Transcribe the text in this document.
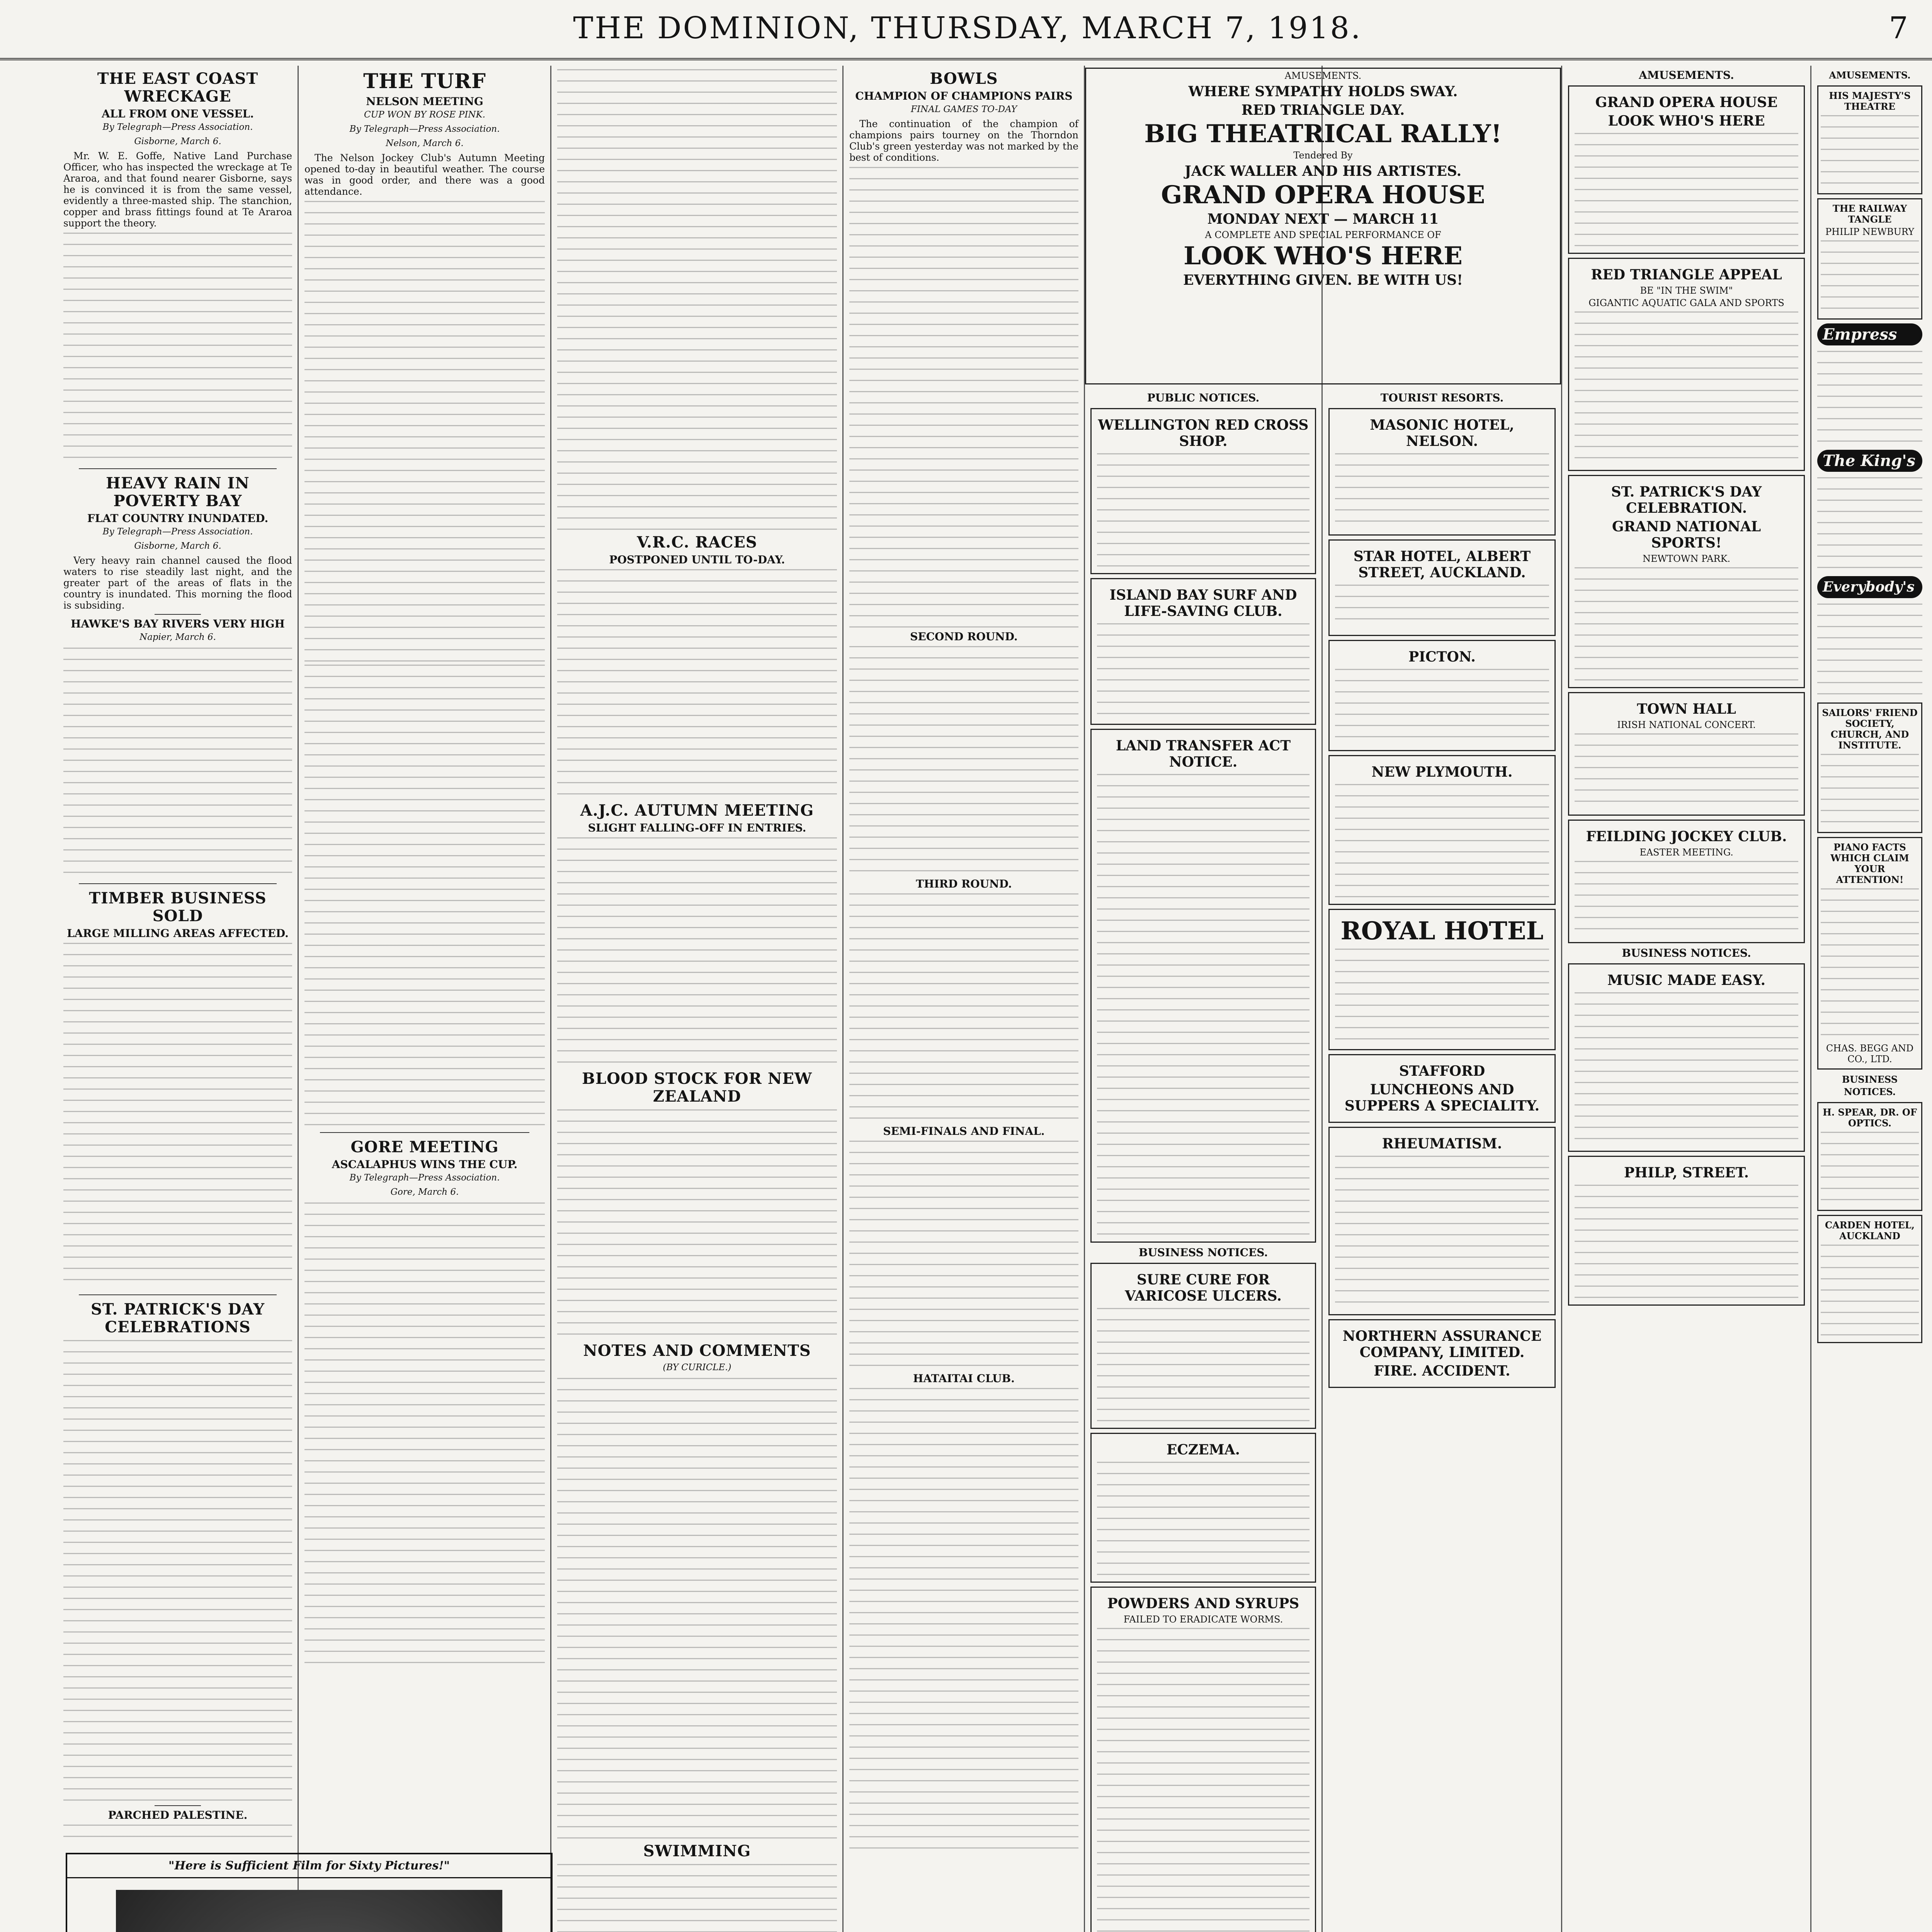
THE DOMINION, THURSDAY, MARCH 7, 1918.	7
THE EAST COAST WRECKAGE
ALL FROM ONE VESSEL.
By Telegraph—Press Association.
Gisborne, March 6.

Mr. W. E. Goffe, Native Land Purchase Officer, who has inspected the wreckage at Te Araroa, and that found nearer Gisborne, says he is convinced it is from the same vessel, evidently a three-masted ship. The stanchion, copper and brass fittings found at Te Araroa support the theory.

HEAVY RAIN IN POVERTY BAY
FLAT COUNTRY INUNDATED.
By Telegraph—Press Association.
Gisborne, March 6.

Very heavy rain channel caused the flood waters to rise steadily last night, and the greater part of the areas of flats in the country is inundated. This morning the flood is subsiding.

HAWKE'S BAY RIVERS VERY HIGH
Napier, March 6.
TIMBER BUSINESS SOLD
LARGE MILLING AREAS AFFECTED.
ST. PATRICK'S DAY CELEBRATIONS
PARCHED PALESTINE.
THE TURF
NELSON MEETING
CUP WON BY ROSE PINK.
By Telegraph—Press Association.
Nelson, March 6.

The Nelson Jockey Club's Autumn Meeting opened to-day in beautiful weather. The course was in good order, and there was a good attendance.

GORE MEETING
ASCALAPHUS WINS THE CUP.
By Telegraph—Press Association.
Gore, March 6.
V.R.C. RACES
POSTPONED UNTIL TO-DAY.
A.J.C. AUTUMN MEETING
SLIGHT FALLING-OFF IN ENTRIES.
BLOOD STOCK FOR NEW ZEALAND
NOTES AND COMMENTS
(BY CURICLE.)
SWIMMING
BOWLS
CHAMPION OF CHAMPIONS PAIRS
FINAL GAMES TO-DAY

The continuation of the champion of champions pairs tourney on the Thorndon Club's green yesterday was not marked by the best of conditions.

SECOND ROUND.
THIRD ROUND.
SEMI-FINALS AND FINAL.
HATAITAI CLUB.
AMUSEMENTS.
WHERE SYMPATHY HOLDS SWAY.
RED TRIANGLE DAY.
BIG THEATRICAL RALLY!
Tendered By
JACK WALLER AND HIS ARTISTES.
GRAND OPERA HOUSE
MONDAY NEXT — MARCH 11
A COMPLETE AND SPECIAL PERFORMANCE OF
LOOK WHO'S HERE
EVERYTHING GIVEN. BE WITH US!
PUBLIC NOTICES.
WELLINGTON RED CROSS SHOP.
ISLAND BAY SURF AND LIFE-SAVING CLUB.
LAND TRANSFER ACT NOTICE.
BUSINESS NOTICES.
SURE CURE FOR VARICOSE ULCERS.
ECZEMA.
POWDERS AND SYRUPS
FAILED TO ERADICATE WORMS.
TOURIST RESORTS.
MASONIC HOTEL, NELSON.
STAR HOTEL, ALBERT STREET, AUCKLAND.
PICTON.
NEW PLYMOUTH.
ROYAL HOTEL
STAFFORD
LUNCHEONS AND SUPPERS A SPECIALITY.
RHEUMATISM.
NORTHERN ASSURANCE COMPANY, LIMITED.
FIRE. ACCIDENT.
AMUSEMENTS.
GRAND OPERA HOUSE
LOOK WHO'S HERE
RED TRIANGLE APPEAL
BE "IN THE SWIM"
GIGANTIC AQUATIC GALA AND SPORTS
ST. PATRICK'S DAY CELEBRATION.
GRAND NATIONAL SPORTS!
NEWTOWN PARK.
TOWN HALL
IRISH NATIONAL CONCERT.
FEILDING JOCKEY CLUB.
EASTER MEETING.
BUSINESS NOTICES.
MUSIC MADE EASY.
PHILP, STREET.
AMUSEMENTS.
HIS MAJESTY'S THEATRE
THE RAILWAY TANGLE
PHILIP NEWBURY
Empress
The King's
Everybody's
SAILORS' FRIEND SOCIETY, CHURCH, AND INSTITUTE.
PIANO FACTS WHICH CLAIM YOUR ATTENTION!
CHAS. BEGG AND CO., LTD.
BUSINESS NOTICES.
H. SPEAR, DR. OF OPTICS.
CARDEN HOTEL, AUCKLAND
"Here is Sufficient Film for Sixty Pictures!"
